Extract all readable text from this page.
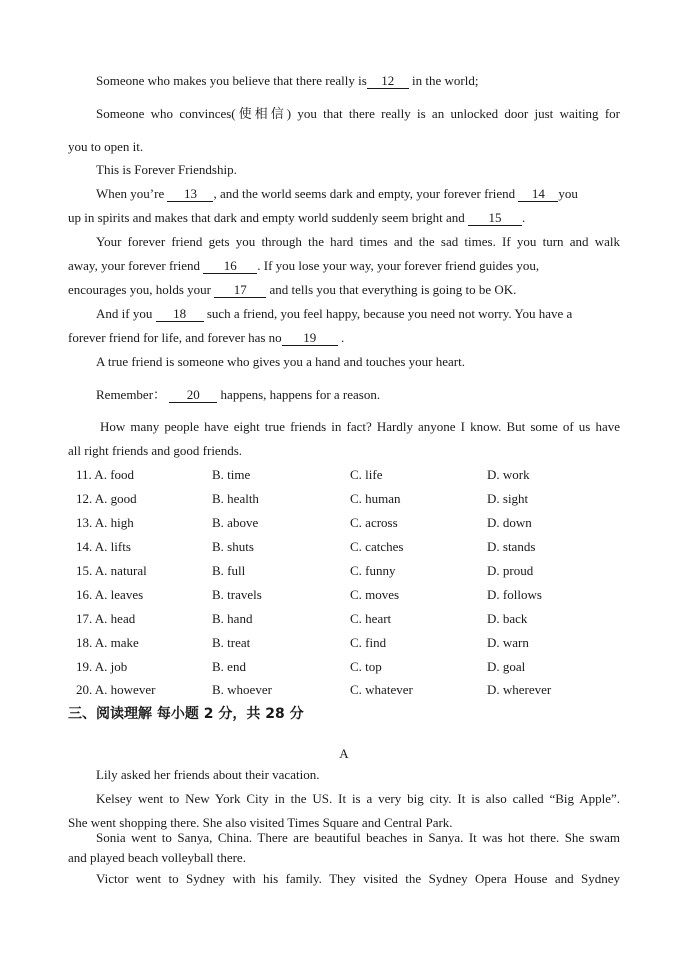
Someone who makes you believe that there really is 12 in the world;
Someone who convinces(使相信) you that there really is an unlocked door just waiting for
you to open it.
This is Forever Friendship.
When you’re 13 , and the world seems dark and empty, your forever friend 14 you
up in spirits and makes that dark and empty world suddenly seem bright and 15 .
Your forever friend gets you through the hard times and the sad times. If you turn and walk
away, your forever friend 16 . If you lose your way, your forever friend guides you,
encourages you, holds your 17 and tells you that everything is going to be OK.
And if you 18 such a friend, you feel happy, because you need not worry. You have a
forever friend for life, and forever has no 19 .
A true friend is someone who gives you a hand and touches your heart.
Remember： 20 happens, happens for a reason.
How many people have eight true friends in fact? Hardly anyone I know. But some of us have
all right friends and good friends.
11. A. food	B. time	C. life	D. work
12. A. good	B. health	C. human	D. sight
13. A. high	B. above	C. across	D. down
14. A. lifts	B. shuts	C. catches	D. stands
15. A. natural	B. full	C. funny	D. proud
16. A. leaves	B. travels	C. moves	D. follows
17. A. head	B. hand	C. heart	D. back
18. A. make	B. treat	C. find	D. warn
19. A. job	B. end	C. top	D. goal
20. A. however	B. whoever	C. whatever	D. wherever
三、阅读理解 每小题 2 分，共 28 分
A
Lily asked her friends about their vacation.
Kelsey went to New York City in the US. It is a very big city. It is also called “Big Apple”.
She went shopping there. She also visited Times Square and Central Park.
Sonia went to Sanya, China. There are beautiful beaches in Sanya. It was hot there. She swam
and played beach volleyball there.
Victor went to Sydney with his family. They visited the Sydney Opera House and Sydney
